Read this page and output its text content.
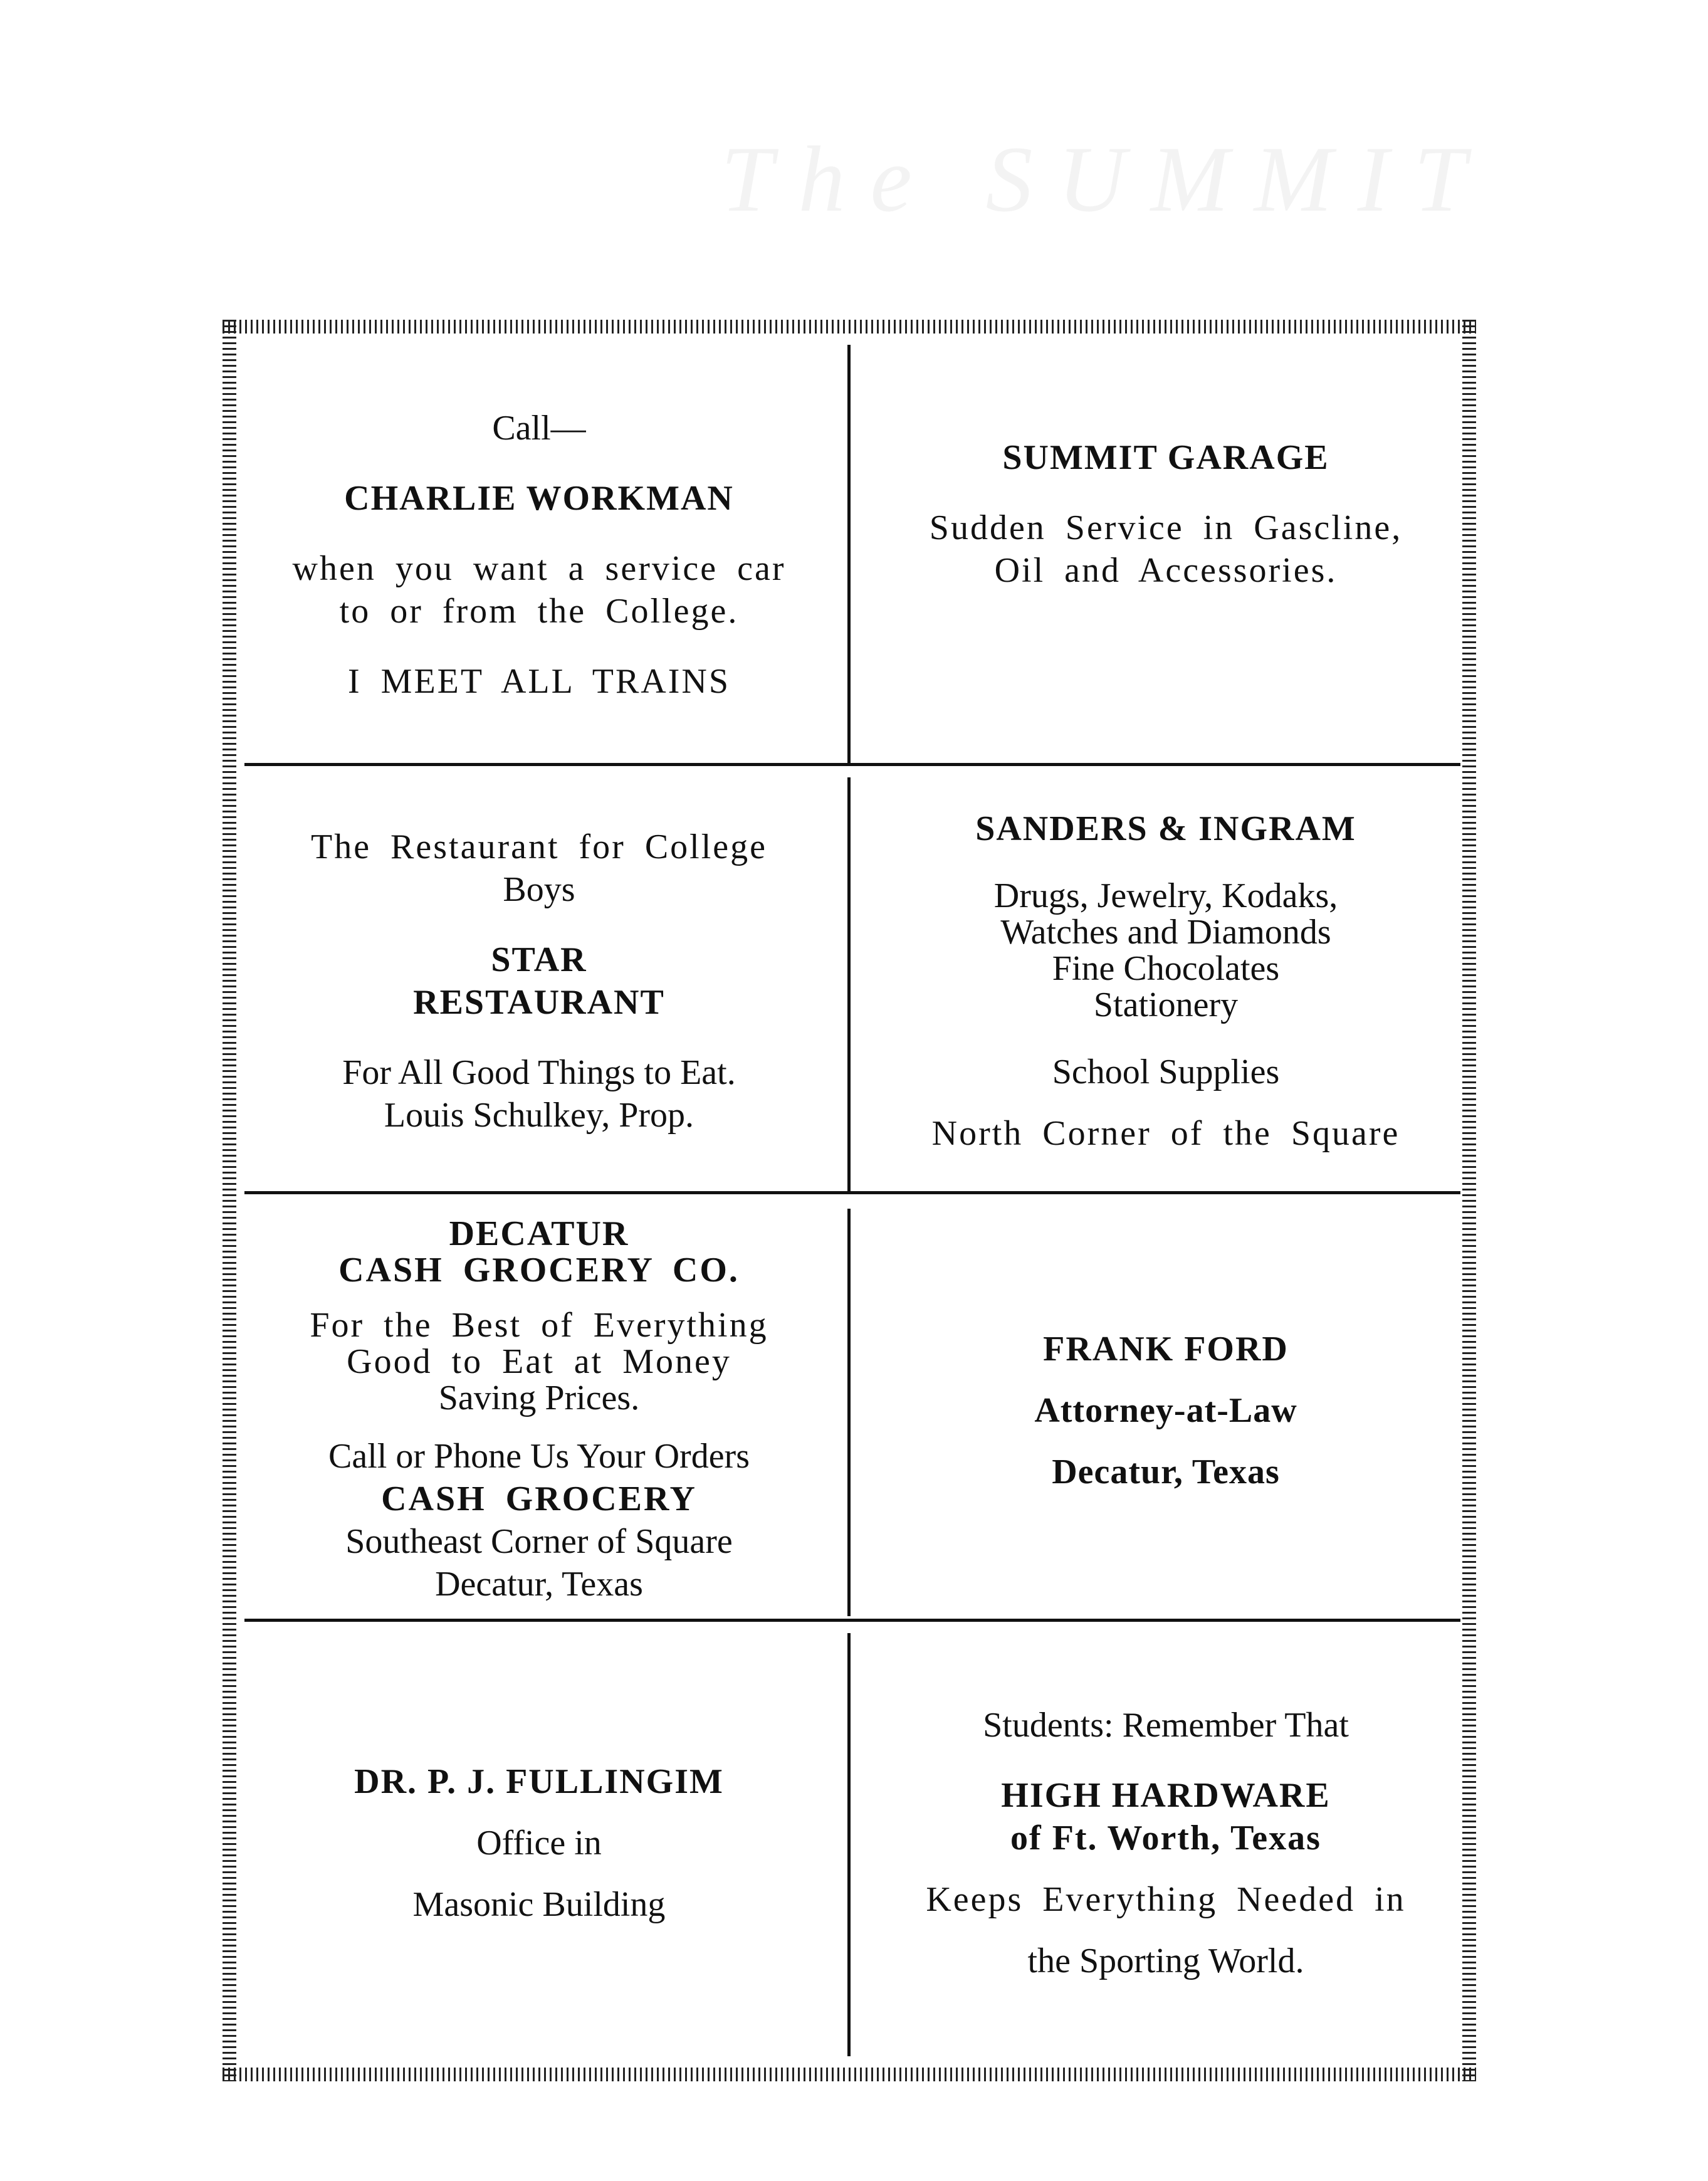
The SUMMIT

Call—

CHARLIE WORKMAN

when you want a service car

to or from the College.

I MEET ALL TRAINS

SUMMIT GARAGE

Sudden Service in Gascline,

Oil and Accessories.

The Restaurant for College

Boys

STAR

RESTAURANT

For All Good Things to Eat.

Louis Schulkey, Prop.

SANDERS & INGRAM

Drugs, Jewelry, Kodaks,

Watches and Diamonds

Fine Chocolates

Stationery

School Supplies

North Corner of the Square

DECATUR

CASH GROCERY CO.

For the Best of Everything

Good to Eat at Money

Saving Prices.

Call or Phone Us Your Orders

CASH GROCERY

Southeast Corner of Square

Decatur, Texas

FRANK FORD

Attorney-at-Law

Decatur, Texas

DR. P. J. FULLINGIM

Office in

Masonic Building

Students: Remember That

HIGH HARDWARE

of Ft. Worth, Texas

Keeps Everything Needed in

the Sporting World.
